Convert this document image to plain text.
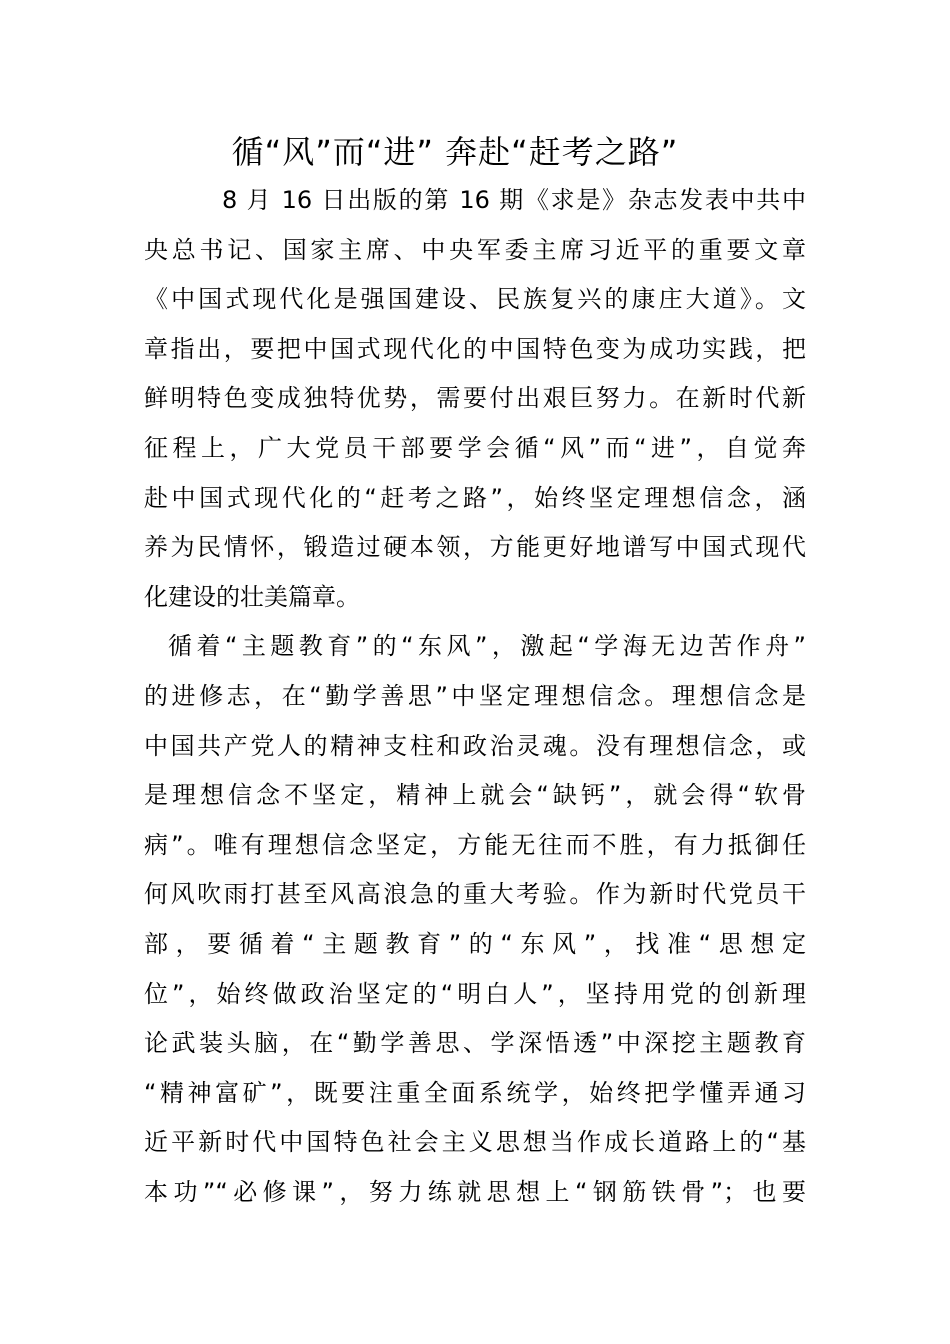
循“风”而“进” 奔赴“赶考之路”
8 月 16 日出版的第 16 期《求是》杂志发表中共中
央总书记、国家主席、中央军委主席习近平的重要文章
《中国式现代化是强国建设、民族复兴的康庄大道》。文
章指出，要把中国式现代化的中国特色变为成功实践，把
鲜明特色变成独特优势，需要付出艰巨努力。在新时代新
征程上，广大党员干部要学会循“风”而“进”，自觉奔
赴中国式现代化的“赶考之路”，始终坚定理想信念，涵
养为民情怀，锻造过硬本领，方能更好地谱写中国式现代
化建设的壮美篇章。
循着“主题教育”的“东风”，激起“学海无边苦作舟”
的进修志，在“勤学善思”中坚定理想信念。理想信念是
中国共产党人的精神支柱和政治灵魂。没有理想信念，或
是理想信念不坚定，精神上就会“缺钙”，就会得“软骨
病”。唯有理想信念坚定，方能无往而不胜，有力抵御任
何风吹雨打甚至风高浪急的重大考验。作为新时代党员干
部，要循着“主题教育”的“东风”，找准“思想定
位”，始终做政治坚定的“明白人”，坚持用党的创新理
论武装头脑，在“勤学善思、学深悟透”中深挖主题教育
“精神富矿”，既要注重全面系统学，始终把学懂弄通习
近平新时代中国特色社会主义思想当作成长道路上的“基
本功”“必修课”，努力练就思想上“钢筋铁骨”；也要
